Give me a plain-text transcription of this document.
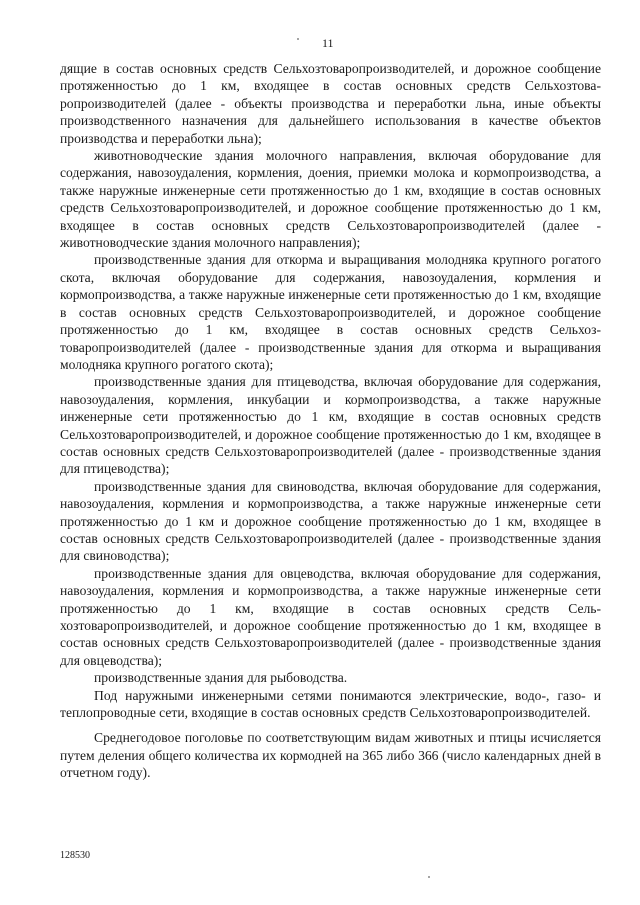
11

дящие в состав основных средств Сельхозтоваропроизводителей, и дорожное сообщение протяженностью до 1 км, входящее в состав основных средств Сельхозтоваропроизводителей (далее - объекты производства и переработки льна, иные объекты производственного назначения для дальнейшего использования в качестве объектов производства и переработки льна);

животноводческие здания молочного направления, включая оборудование для содержания, навозоудаления, кормления, доения, приемки молока и кормопроизводства, а также наружные инженерные сети протяженностью до 1 км, входящие в состав основных средств Сельхозтоваропроизводителей, и дорожное сообщение протяженностью до 1 км, входящее в состав основных средств Сельхозтоваропроизводителей (далее - животноводческие здания молочного направления);

производственные здания для откорма и выращивания молодняка крупного рогатого скота, включая оборудование для содержания, навозоудаления, кормления и кормопроизводства, а также наружные инженерные сети протяженностью до 1 км, входящие в состав основных средств Сельхозтоваропроизводителей, и дорожное сообщение протяженностью до 1 км, входящее в состав основных средств Сельхозтоваропроизводителей (далее - производственные здания для откорма и выращивания молодняка крупного рогатого скота);

производственные здания для птицеводства, включая оборудование для содержания, навозоудаления, кормления, инкубации и кормопроизводства, а также наружные инженерные сети протяженностью до 1 км, входящие в состав основных средств Сельхозтоваропроизводителей, и дорожное сообщение протяженностью до 1 км, входящее в состав основных средств Сельхозтоваропроизводителей (далее - производственные здания для птицеводства);

производственные здания для свиноводства, включая оборудование для содержания, навозоудаления, кормления и кормопроизводства, а также наружные инженерные сети протяженностью до 1 км и дорожное сообщение протяженностью до 1 км, входящее в состав основных средств Сельхозтоваропроизводителей (далее - производственные здания для свиноводства);

производственные здания для овцеводства, включая оборудование для содержания, навозоудаления, кормления и кормопроизводства, а также наружные инженерные сети протяженностью до 1 км, входящие в состав основных средств Сельхозтоваропроизводителей, и дорожное сообщение протяженностью до 1 км, входящее в состав основных средств Сельхозтоваропроизводителей (далее - производственные здания для овцеводства);

производственные здания для рыбоводства.

Под наружными инженерными сетями понимаются электрические, водо-, газо- и теплопроводные сети, входящие в состав основных средств Сельхозтоваропроизводителей.

Среднегодовое поголовье по соответствующим видам животных и птицы исчисляется путем деления общего количества их кормодней на 365 либо 366 (число календарных дней в отчетном году).

128530
